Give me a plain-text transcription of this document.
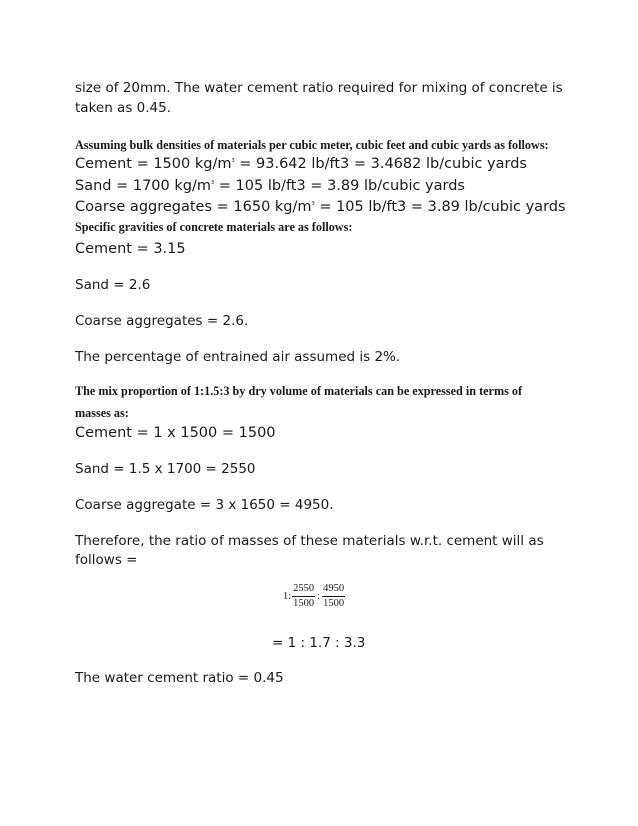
size of 20mm. The water cement ratio required for mixing of concrete is
taken as 0.45.
Assuming bulk densities of materials per cubic meter, cubic feet and cubic yards as follows:
Cement = 1500 $kg/m^3 = 93.642$ lb/ft3 = 3.4682 lb/cubic yards
Sand = 1700 $kg/m^3 = 105$ lb/ft3 = 3.89 lb/cubic yards
Coarse aggregates = 1650 $kg/m^3 = 105$ lb/ft3 = 3.89 lb/cubic yards
Specific gravities of concrete materials are as follows:
Cement = 3.15
Sand = 2.6
Coarse aggregates = 2.6.
The percentage of entrained air assumed is 2%.
The mix proportion of 1:1.5:3 by dry volume of materials can be expressed in terms of
masses as:
Cement = 1 x 1500 = 1500
Sand = 1.5 x 1700 = 2550
Coarse aggregate = 3 x 1650 = 4950.
Therefore, the ratio of masses of these materials w.r.t. cement will as
follows =
1: $\frac{2550}{1500}$ : $\frac{4950}{1500}$
= 1 : 1.7 : 3.3
The water cement ratio = 0.45
